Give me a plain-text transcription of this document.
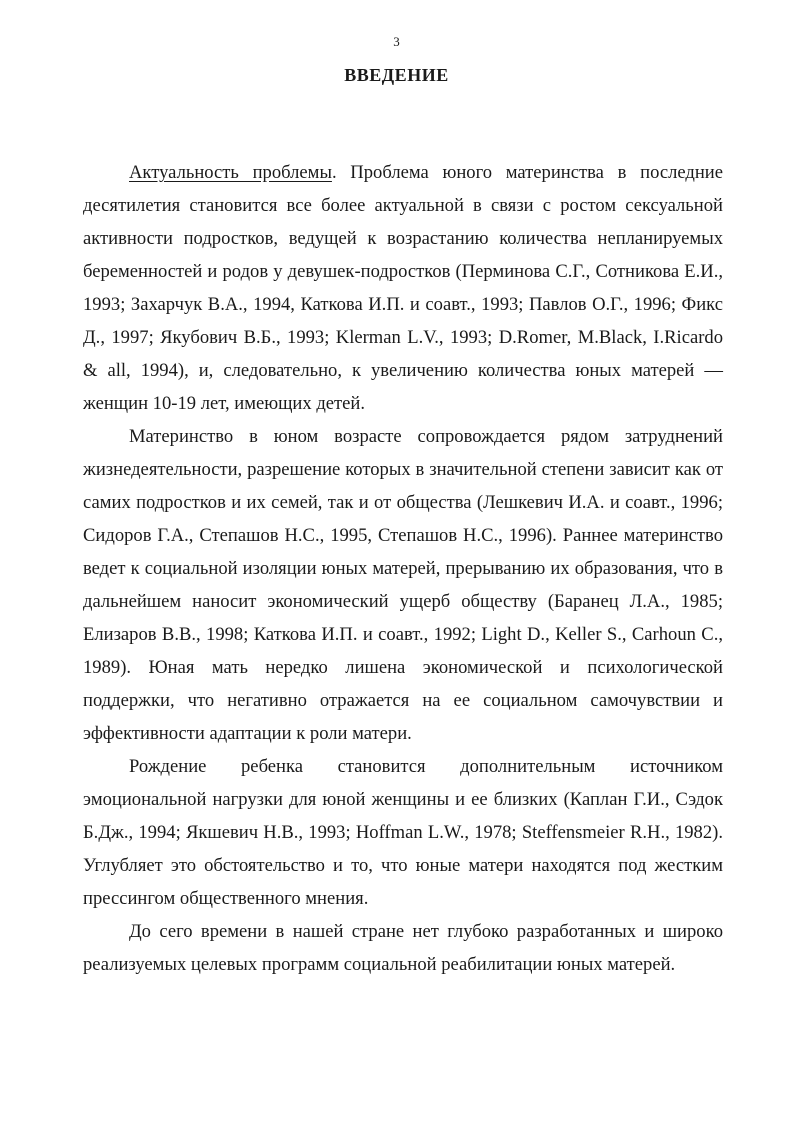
3
ВВЕДЕНИЕ

Актуальность проблемы. Проблема юного материнства в последние десятилетия становится все более актуальной в связи с ростом сексуальной активности подростков, ведущей к возрастанию количества непланируемых беременностей и родов у девушек-подростков (Перминова С.Г., Сотникова Е.И., 1993; Захарчук В.А., 1994, Каткова И.П. и соавт., 1993; Павлов О.Г., 1996; Фикс Д., 1997; Якубович В.Б., 1993; Klerman L.V., 1993; D.Romer, M.Black, I.Ricardo & all, 1994), и, следовательно, к увеличению количества юных матерей — женщин 10-19 лет, имеющих детей.

Материнство в юном возрасте сопровождается рядом затруднений жизнедеятельности, разрешение которых в значительной степени зависит как от самих подростков и их семей, так и от общества (Лешкевич И.А. и соавт., 1996; Сидоров Г.А., Степашов Н.С., 1995, Степашов Н.С., 1996). Раннее материнство ведет к социальной изоляции юных матерей, прерыванию их образования, что в дальнейшем наносит экономический ущерб обществу (Баранец Л.А., 1985; Елизаров В.В., 1998; Каткова И.П. и соавт., 1992; Light D., Keller S., Carhoun C., 1989). Юная мать нередко лишена экономической и психологической поддержки, что негативно отражается на ее социальном самочувствии и эффективности адаптации к роли матери.

Рождение ребенка становится дополнительным источником эмоциональной нагрузки для юной женщины и ее близких (Каплан Г.И., Сэдок Б.Дж., 1994; Якшевич Н.В., 1993; Hoffman L.W., 1978; Steffensmeier R.H., 1982). Углубляет это обстоятельство и то, что юные матери находятся под жестким прессингом общественного мнения.

До сего времени в нашей стране нет глубоко разработанных и широко реализуемых целевых программ социальной реабилитации юных матерей.
